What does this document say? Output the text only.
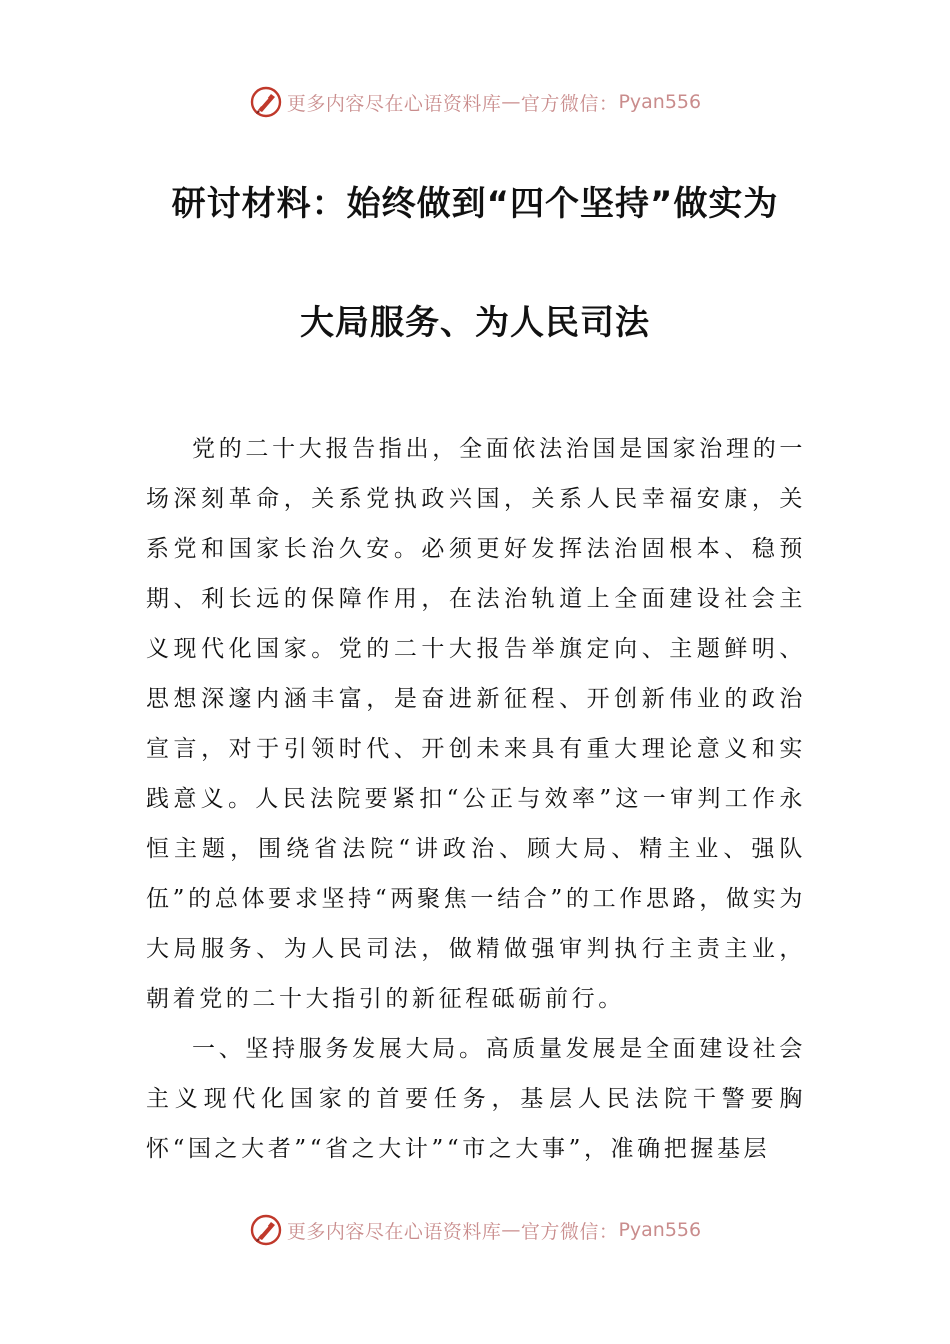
更多内容尽在心语资料库 — 官方微信： Pyan556
研讨材料：始终做到“四个坚持”做实为
大局服务、为人民司法

党的二十大报告指出，全面依法治国是国家治理的一场深刻革命，关系党执政兴国，关系人民幸福安康，关系党和国家长治久安。必须更好发挥法治固根本、稳预期、利长远的保障作用，在法治轨道上全面建设社会主义现代化国家。党的二十大报告举旗定向、主题鲜明、思想深邃内涵丰富，是奋进新征程、开创新伟业的政治宣言，对于引领时代、开创未来具有重大理论意义和实践意义。人民法院要紧扣“公正与效率”这一审判工作永恒主题，围绕省法院“讲政治、顾大局、精主业、强队伍”的总体要求坚持“两聚焦一结合”的工作思路，做实为大局服务、为人民司法，做精做强审判执行主责主业，朝着党的二十大指引的新征程砥砺前行。

一、坚持服务发展大局。高质量发展是全面建设社会主义现代化国家的首要任务，基层人民法院干警要胸怀“国之大者”“省之大计”“市之大事”，准确把握基层

更多内容尽在心语资料库 — 官方微信： Pyan556
